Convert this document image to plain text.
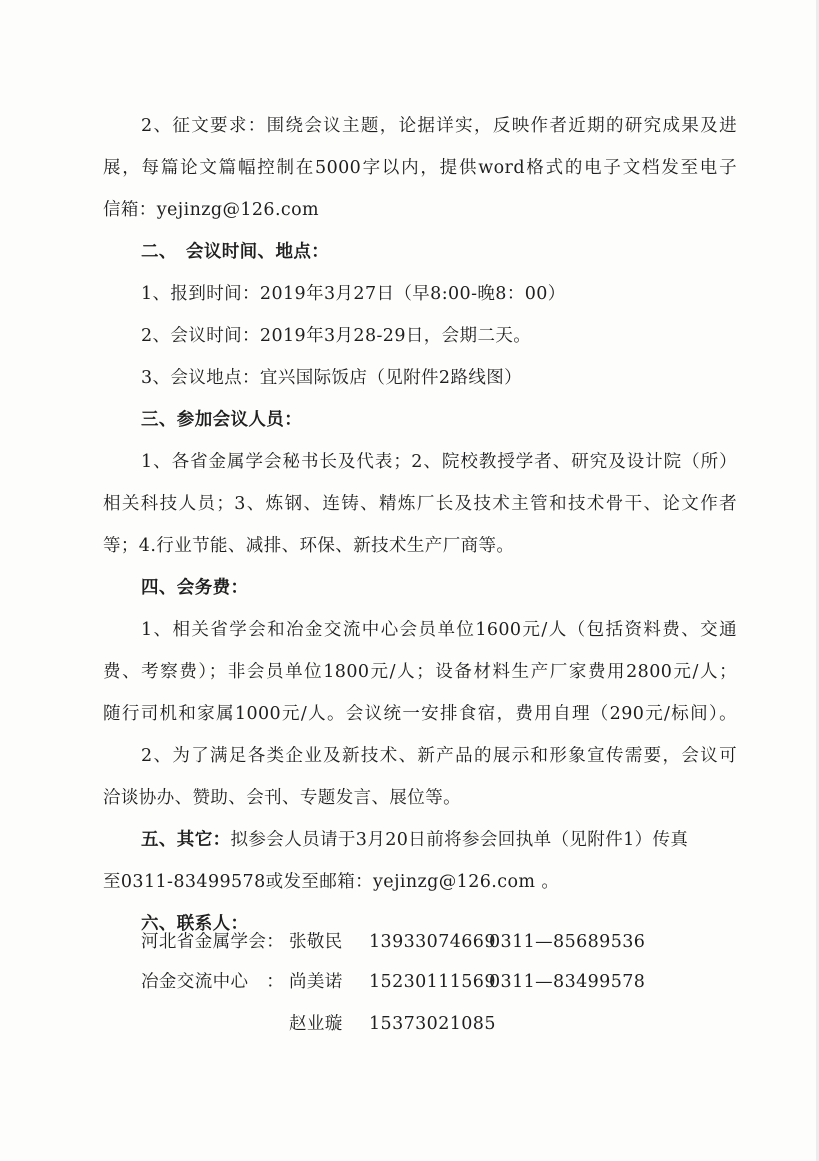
2、征文要求：围绕会议主题，论据详实，反映作者近期的研究成果及进
展，每篇论文篇幅控制在5000字以内，提供word格式的电子文档发至电子
信箱：yejinzg@126.com
二、　会议时间、地点：
1、报到时间：2019年3月27日（早8:00-晚8：00）
2、会议时间：2019年3月28-29日，会期二天。
3、会议地点：宜兴国际饭店（见附件2路线图）
三、参加会议人员：
1、各省金属学会秘书长及代表；2、院校教授学者、研究及设计院（所）
相关科技人员；3、炼钢、连铸、精炼厂长及技术主管和技术骨干、论文作者
等；4.行业节能、减排、环保、新技术生产厂商等。
四、会务费：
1、相关省学会和冶金交流中心会员单位1600元/人（包括资料费、交通
费、考察费）；非会员单位1800元/人；设备材料生产厂家费用2800元/人；
随行司机和家属1000元/人。会议统一安排食宿，费用自理（290元/标间）。
2、为了满足各类企业及新技术、新产品的展示和形象宣传需要，会议可
洽谈协办、赞助、会刊、专题发言、展位等。
五、其它：拟参会人员请于3月20日前将参会回执单（见附件1）传真
至0311-83499578或发至邮箱：yejinzg@126.com 。
六、联系人：
河北省金属学会： 张敬民 13933074669
0311—85689536
冶金交流中心　： 尚美诺 15230111569
0311—83499578
赵业璇 15373021085
